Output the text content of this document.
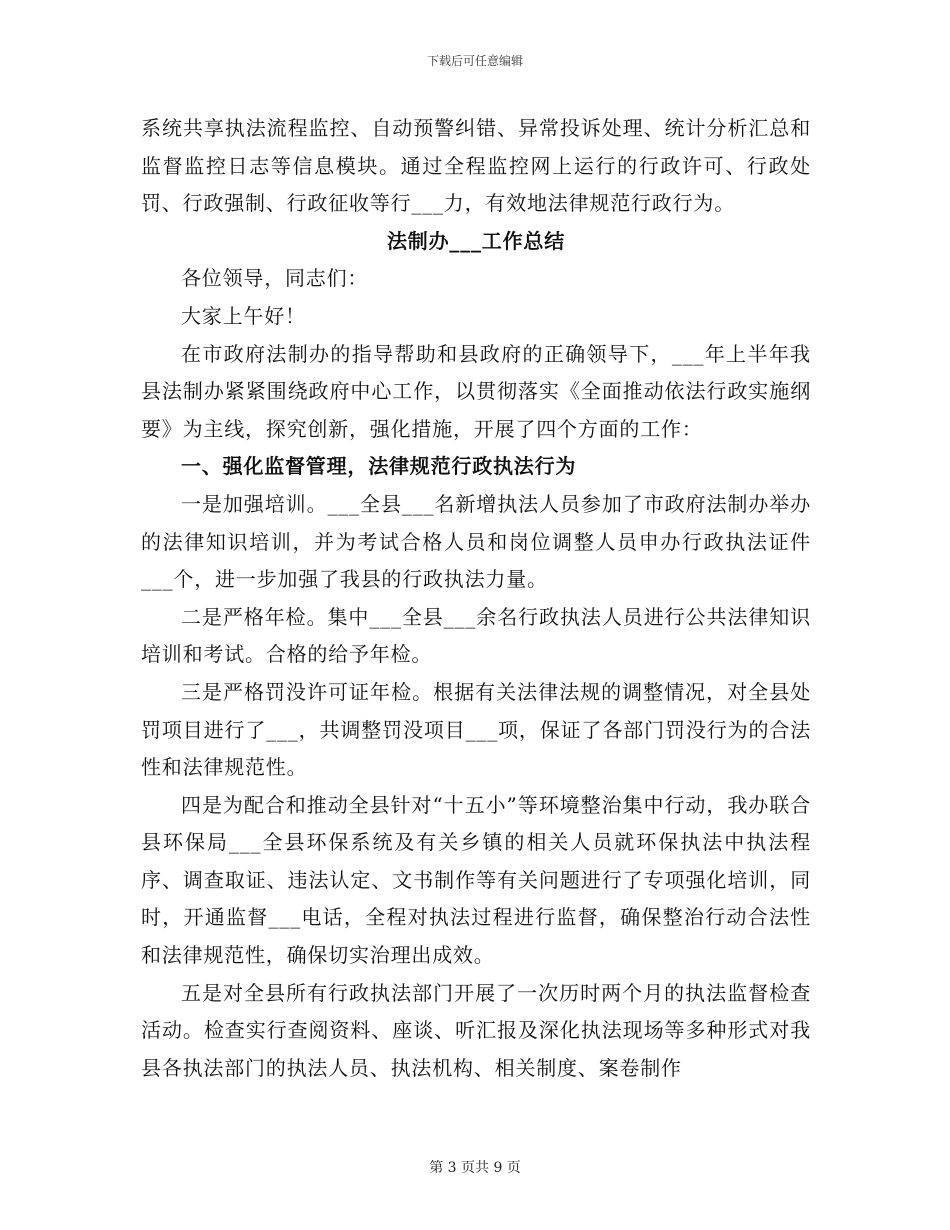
下载后可任意编辑

系统共享执法流程监控、自动预警纠错、异常投诉处理、统计分析汇总和监督监控日志等信息模块。通过全程监控网上运行的行政许可、行政处罚、行政强制、行政征收等行___力，有效地法律规范行政行为。

法制办___工作总结

各位领导，同志们：

大家上午好！

在市政府法制办的指导帮助和县政府的正确领导下，___年上半年我县法制办紧紧围绕政府中心工作，以贯彻落实《全面推动依法行政实施纲要》为主线，探究创新，强化措施，开展了四个方面的工作：

一、强化监督管理，法律规范行政执法行为

一是加强培训。___全县___名新增执法人员参加了市政府法制办举办的法律知识培训，并为考试合格人员和岗位调整人员申办行政执法证件___个，进一步加强了我县的行政执法力量。

二是严格年检。集中___全县___余名行政执法人员进行公共法律知识培训和考试。合格的给予年检。

三是严格罚没许可证年检。根据有关法律法规的调整情况，对全县处罚项目进行了___，共调整罚没项目___项，保证了各部门罚没行为的合法性和法律规范性。

四是为配合和推动全县针对“十五小”等环境整治集中行动，我办联合县环保局___全县环保系统及有关乡镇的相关人员就环保执法中执法程序、调查取证、违法认定、文书制作等有关问题进行了专项强化培训，同时，开通监督___电话，全程对执法过程进行监督，确保整治行动合法性和法律规范性，确保切实治理出成效。

五是对全县所有行政执法部门开展了一次历时两个月的执法监督检查活动。检查实行查阅资料、座谈、听汇报及深化执法现场等多种形式对我县各执法部门的执法人员、执法机构、相关制度、案卷制作

第 3 页共 9 页
